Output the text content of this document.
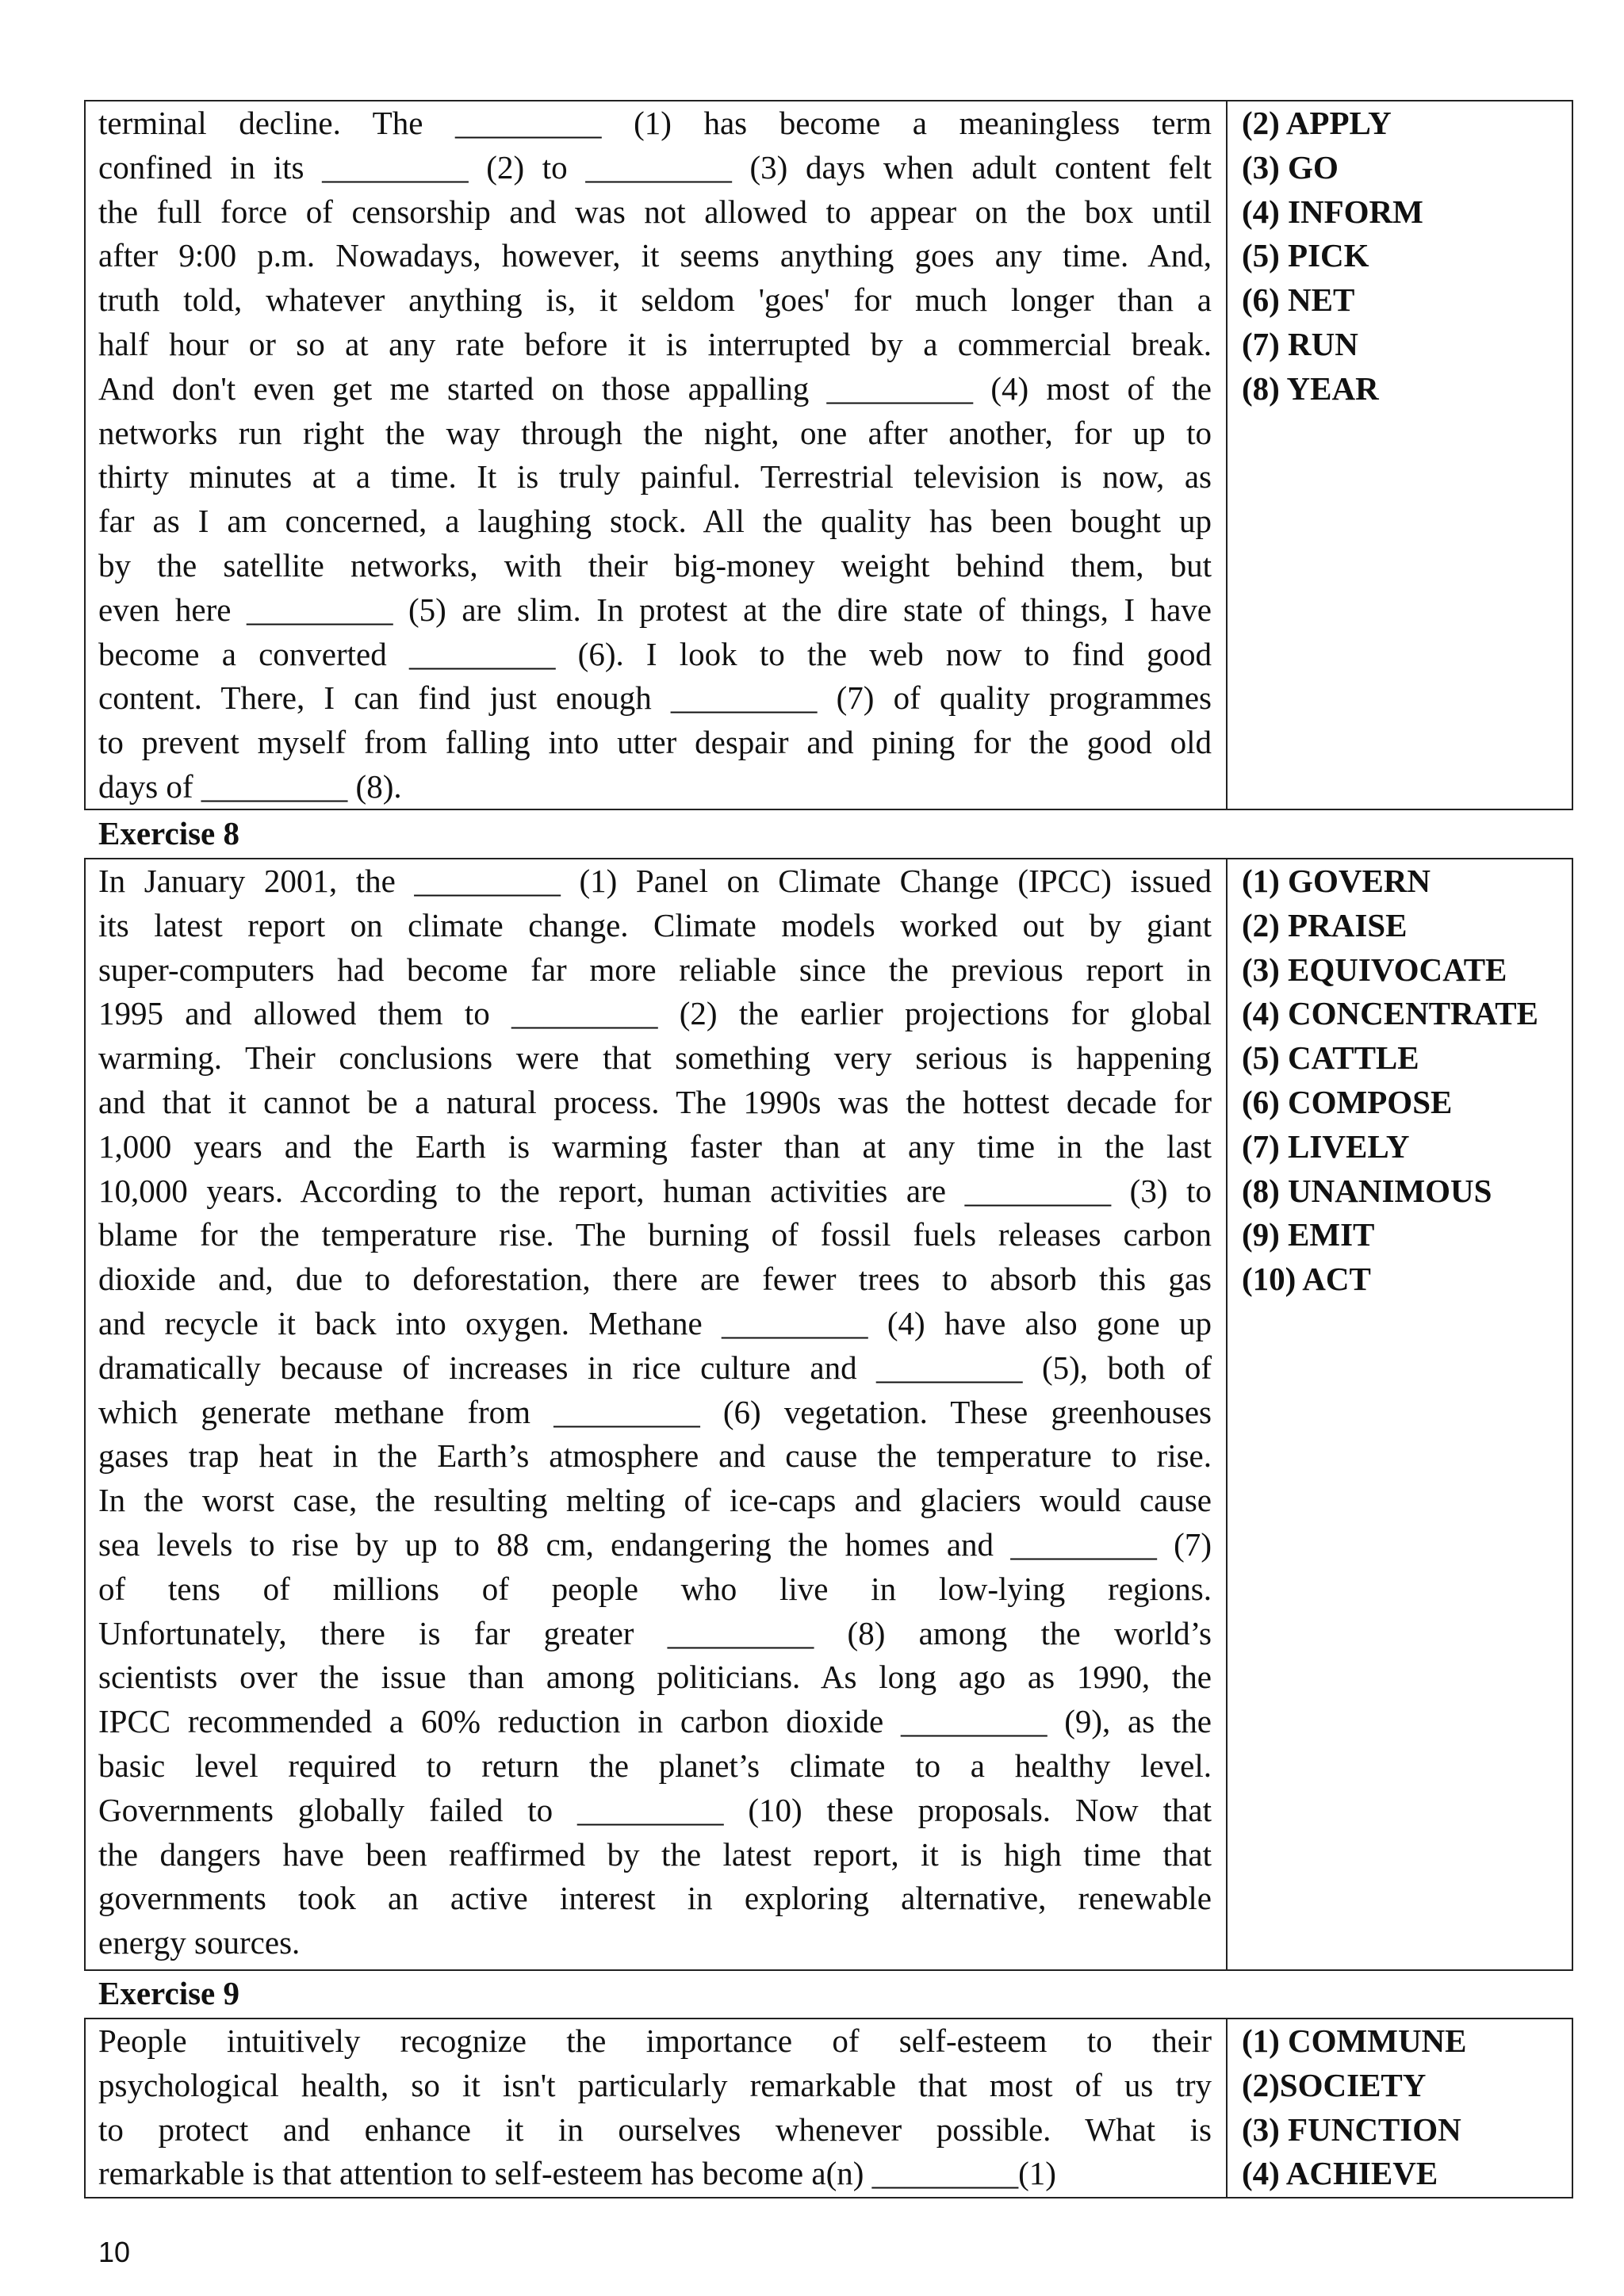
terminal decline. The _________ (1) has become a meaningless term
confined in its _________ (2) to _________ (3) days when adult content felt
the full force of censorship and was not allowed to appear on the box until
after 9:00 p.m. Nowadays, however, it seems anything goes any time. And,
truth told, whatever anything is, it seldom 'goes' for much longer than a
half hour or so at any rate before it is interrupted by a commercial break.
And don't even get me started on those appalling _________ (4) most of the
networks run right the way through the night, one after another, for up to
thirty minutes at a time. It is truly painful. Terrestrial television is now, as
far as I am concerned, a laughing stock. All the quality has been bought up
by the satellite networks, with their big-money weight behind them, but
even here _________ (5) are slim. In protest at the dire state of things, I have
become a converted _________ (6). I look to the web now to find good
content. There, I can find just enough _________ (7) of quality programmes
to prevent myself from falling into utter despair and pining for the good old
days of _________ (8).
(2) APPLY
(3) GO
(4) INFORM
(5) PICK
(6) NET
(7) RUN
(8) YEAR
Exercise 8
In January 2001, the _________ (1) Panel on Climate Change (IPCC) issued
its latest report on climate change. Climate models worked out by giant
super-computers had become far more reliable since the previous report in
1995 and allowed them to _________ (2) the earlier projections for global
warming. Their conclusions were that something very serious is happening
and that it cannot be a natural process. The 1990s was the hottest decade for
1,000 years and the Earth is warming faster than at any time in the last
10,000 years. According to the report, human activities are _________ (3) to
blame for the temperature rise. The burning of fossil fuels releases carbon
dioxide and, due to deforestation, there are fewer trees to absorb this gas
and recycle it back into oxygen. Methane _________ (4) have also gone up
dramatically because of increases in rice culture and _________ (5), both of
which generate methane from _________ (6) vegetation. These greenhouses
gases trap heat in the Earth’s atmosphere and cause the temperature to rise.
In the worst case, the resulting melting of ice-caps and glaciers would cause
sea levels to rise by up to 88 cm, endangering the homes and _________ (7)
of tens of millions of people who live in low-lying regions.
Unfortunately, there is far greater _________ (8) among the world’s
scientists over the issue than among politicians. As long ago as 1990, the
IPCC recommended a 60% reduction in carbon dioxide _________ (9), as the
basic level required to return the planet’s climate to a healthy level.
Governments globally failed to _________ (10) these proposals. Now that
the dangers have been reaffirmed by the latest report, it is high time that
governments took an active interest in exploring alternative, renewable
energy sources.
(1) GOVERN
(2) PRAISE
(3) EQUIVOCATE
(4) CONCENTRATE
(5) CATTLE
(6) COMPOSE
(7) LIVELY
(8) UNANIMOUS
(9) EMIT
(10) ACT
Exercise 9
People intuitively recognize the importance of self-esteem to their
psychological health, so it isn't particularly remarkable that most of us try
to protect and enhance it in ourselves whenever possible. What is
remarkable is that attention to self-esteem has become a(n) _________(1)
(1) COMMUNE
(2)SOCIETY
(3) FUNCTION
(4) ACHIEVE
10
